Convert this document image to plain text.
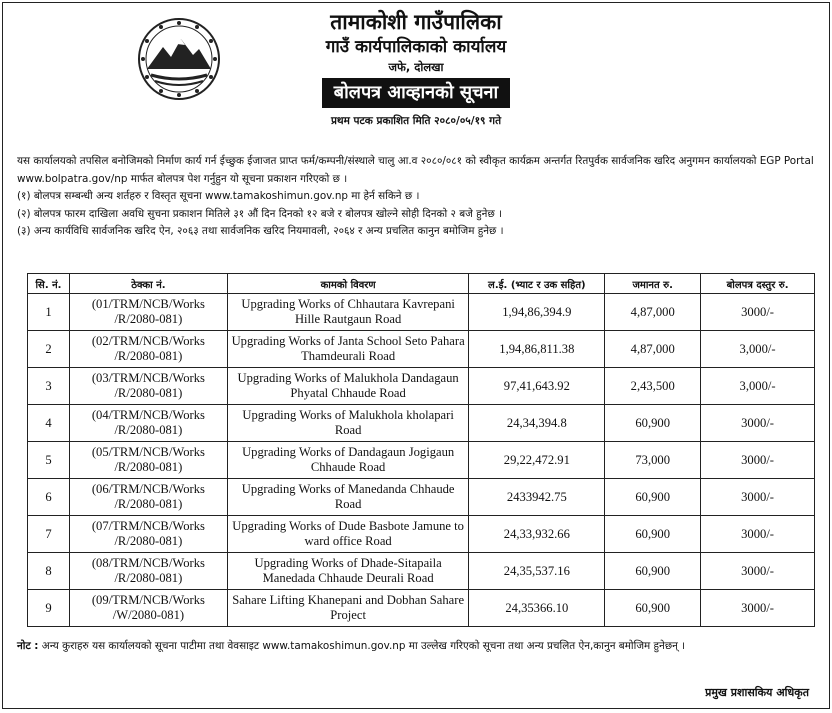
तामाकोशी गाउँपालिका
गाउँ कार्यपालिकाको कार्यालय
जफे, दोलखा
बोलपत्र आव्हानको सूचना
प्रथम पटक प्रकाशित मिति २०८०/०५/१९ गते

यस कार्यालयको तपसिल बनोजिमको निर्माण कार्य गर्न ईच्छुक ईजाजत प्राप्त फर्म/कम्पनी/संस्थाले चालु आ.व २०८०/०८१ को स्वीकृत कार्यक्रम अन्तर्गत रितपुर्वक सार्वजनिक खरिद अनुगमन कार्यालयको EGP Portal www.bolpatra.gov/np मार्फत बोलपत्र पेश गर्नुहुन यो सूचना प्रकाशन गरिएको छ ।

(१) बोलपत्र सम्बन्धी अन्य शर्तहरु र विस्तृत सूचना www.tamakoshimun.gov.np मा हेर्न सकिने छ ।

(२) बोलपत्र फारम दाखिला अवधि सुचना प्रकाशन मितिले ३१ औं दिन दिनको १२ बजे र बोलपत्र खोल्ने सोही दिनको २ बजे हुनेछ ।

(३) अन्य कार्यविधि सार्वजनिक खरिद ऐन, २०६३ तथा सार्वजनिक खरिद नियमावली, २०६४ र अन्य प्रचलित कानुन बमोजिम हुनेछ ।

सि. नं.	ठेक्का नं.	कामको विवरण	ल.ई. (भ्याट र उक सहित)	जमानत रु.	बोलपत्र दस्तुर रु.
1	(01/TRM/NCB/Works /R/2080-081)	Upgrading Works of Chhautara Kavrepani Hille Rautgaun Road	1,94,86,394.9	4,87,000	3000/-
2	(02/TRM/NCB/Works /R/2080-081)	Upgrading Works of Janta School Seto Pahara Thamdeurali Road	1,94,86,811.38	4,87,000	3,000/-
3	(03/TRM/NCB/Works /R/2080-081)	Upgrading Works of Malukhola Dandagaun Phyatal Chhaude Road	97,41,643.92	2,43,500	3,000/-
4	(04/TRM/NCB/Works /R/2080-081)	Upgrading Works of Malukhola kholapari Road	24,34,394.8	60,900	3000/-
5	(05/TRM/NCB/Works /R/2080-081)	Upgrading Works of Dandagaun Jogigaun Chhaude Road	29,22,472.91	73,000	3000/-
6	(06/TRM/NCB/Works /R/2080-081)	Upgrading Works of Manedanda Chhaude Road	2433942.75	60,900	3000/-
7	(07/TRM/NCB/Works /R/2080-081)	Upgrading Works of Dude Basbote Jamune to ward office Road	24,33,932.66	60,900	3000/-
8	(08/TRM/NCB/Works /R/2080-081)	Upgrading Works of Dhade-Sitapaila Manedada Chhaude Deurali Road	24,35,537.16	60,900	3000/-
9	(09/TRM/NCB/Works /W/2080-081)	Sahare Lifting Khanepani and Dobhan Sahare Project	24,35366.10	60,900	3000/-
नोट : अन्य कुराहरु यस कार्यालयको सूचना पाटीमा तथा वेवसाइट www.tamakoshimun.gov.np मा उल्लेख गरिएको सूचना तथा अन्य प्रचलित ऐन,कानुन बमोजिम हुनेछन् ।
प्रमुख प्रशासकिय अधिकृत
